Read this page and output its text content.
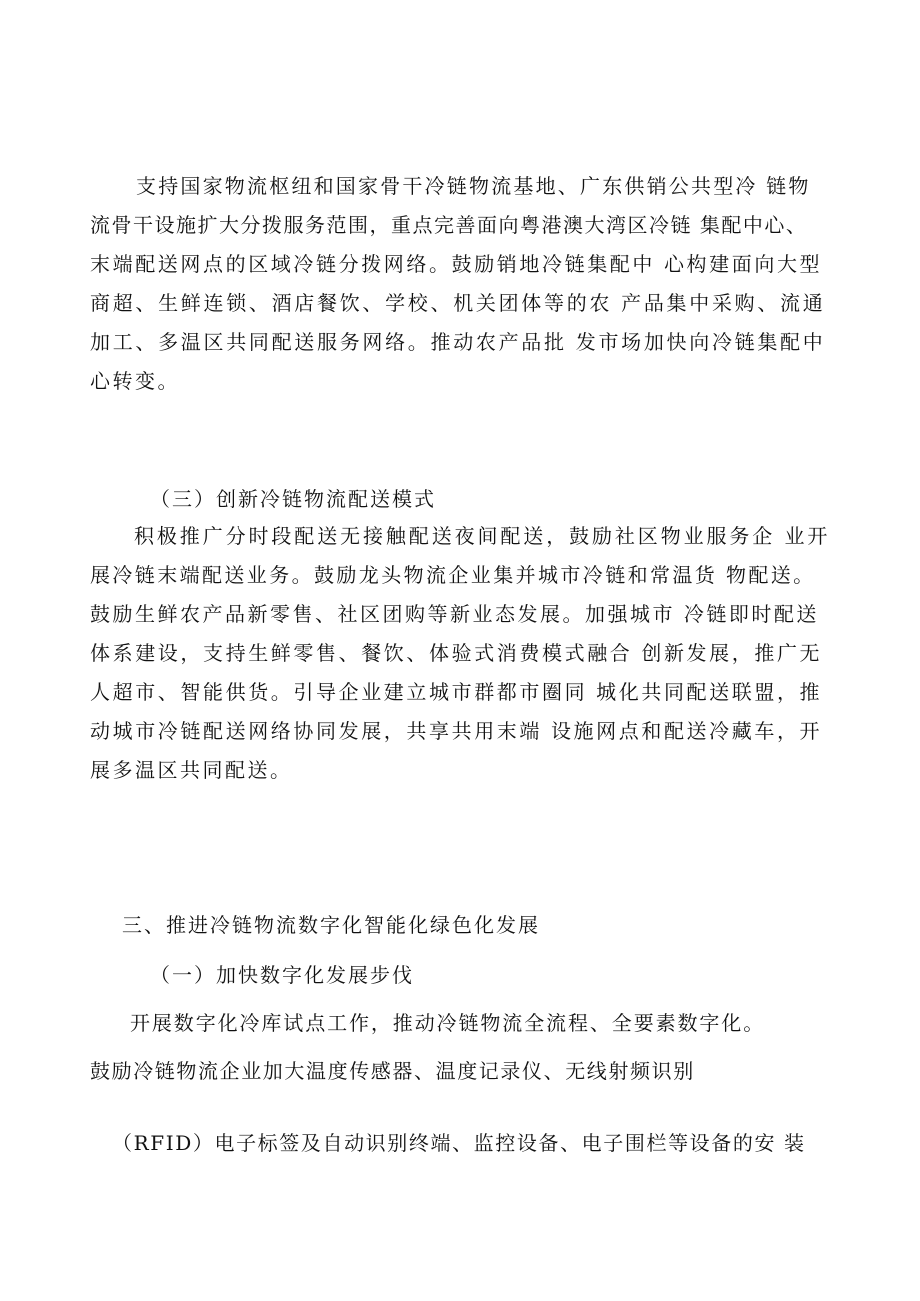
支持国家物流枢纽和国家骨干冷链物流基地、广东供销公共型冷 链物
流骨干设施扩大分拨服务范围，重点完善面向粤港澳大湾区冷链 集配中心、
末端配送网点的区域冷链分拨网络。鼓励销地冷链集配中 心构建面向大型
商超、生鲜连锁、酒店餐饮、学校、机关团体等的农 产品集中采购、流通
加工、多温区共同配送服务网络。推动农产品批 发市场加快向冷链集配中
心转变。
（三）创新冷链物流配送模式
积极推广分时段配送无接触配送夜间配送，鼓励社区物业服务企 业开
展冷链末端配送业务。鼓励龙头物流企业集并城市冷链和常温货 物配送。
鼓励生鲜农产品新零售、社区团购等新业态发展。加强城市 冷链即时配送
体系建设，支持生鲜零售、餐饮、体验式消费模式融合 创新发展，推广无
人超市、智能供货。引导企业建立城市群都市圈同 城化共同配送联盟，推
动城市冷链配送网络协同发展，共享共用末端 设施网点和配送冷藏车，开
展多温区共同配送。
三、推进冷链物流数字化智能化绿色化发展
（一）加快数字化发展步伐
开展数字化冷库试点工作，推动冷链物流全流程、全要素数字化。
鼓励冷链物流企业加大温度传感器、温度记录仪、无线射频识别
（RFID）电子标签及自动识别终端、监控设备、电子围栏等设备的安 装
